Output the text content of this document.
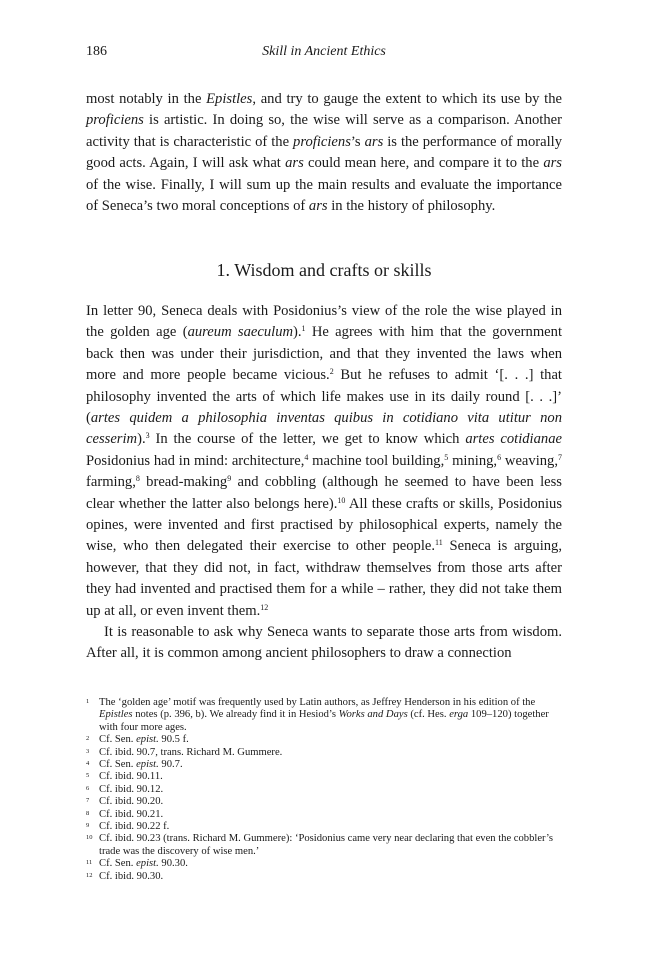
186	Skill in Ancient Ethics

most notably in the Epistles, and try to gauge the extent to which its use by the proficiens is artistic. In doing so, the wise will serve as a comparison. Another activity that is characteristic of the proficiens’s ars is the performance of morally good acts. Again, I will ask what ars could mean here, and compare it to the ars of the wise. Finally, I will sum up the main results and evaluate the importance of Seneca’s two moral conceptions of ars in the history of philosophy.

1. Wisdom and crafts or skills

In letter 90, Seneca deals with Posidonius’s view of the role the wise played in the golden age (aureum saeculum).$^1$ He agrees with him that the government back then was under their jurisdiction, and that they invented the laws when more and more people became vicious.$^2$ But he refuses to admit ‘[. . .] that philosophy invented the arts of which life makes use in its daily round [. . .]’ (artes quidem a philosophia inventas quibus in cotidiano vita utitur non cesserim).$^3$ In the course of the letter, we get to know which artes cotidianae Posidonius had in mind: architecture,$^4$ machine tool building,$^5$ mining,$^6$ weaving,$^7$ farming,$^8$ bread-making$^9$ and cobbling (although he seemed to have been less clear whether the latter also belongs here).$^{10}$ All these crafts or skills, Posidonius opines, were invented and first practised by philosophical experts, namely the wise, who then delegated their exercise to other people.$^{11}$ Seneca is arguing, however, that they did not, in fact, withdraw themselves from those arts after they had invented and practised them for a while – rather, they did not take them up at all, or even invent them.$^{12}$

It is reasonable to ask why Seneca wants to separate those arts from wisdom. After all, it is common among ancient philosophers to draw a connection

1 The ‘golden age’ motif was frequently used by Latin authors, as Jeffrey Henderson in his edition of the Epistles notes (p. 396, b). We already find it in Hesiod’s Works and Days (cf. Hes. erga 109–120) together with four more ages.

2 Cf. Sen. epist. 90.5 f.

3 Cf. ibid. 90.7, trans. Richard M. Gummere.

4 Cf. Sen. epist. 90.7.

5 Cf. ibid. 90.11.

6 Cf. ibid. 90.12.

7 Cf. ibid. 90.20.

8 Cf. ibid. 90.21.

9 Cf. ibid. 90.22 f.

10 Cf. ibid. 90.23 (trans. Richard M. Gummere): ‘Posidonius came very near declaring that even the cobbler’s trade was the discovery of wise men.’

11 Cf. Sen. epist. 90.30.

12 Cf. ibid. 90.30.
